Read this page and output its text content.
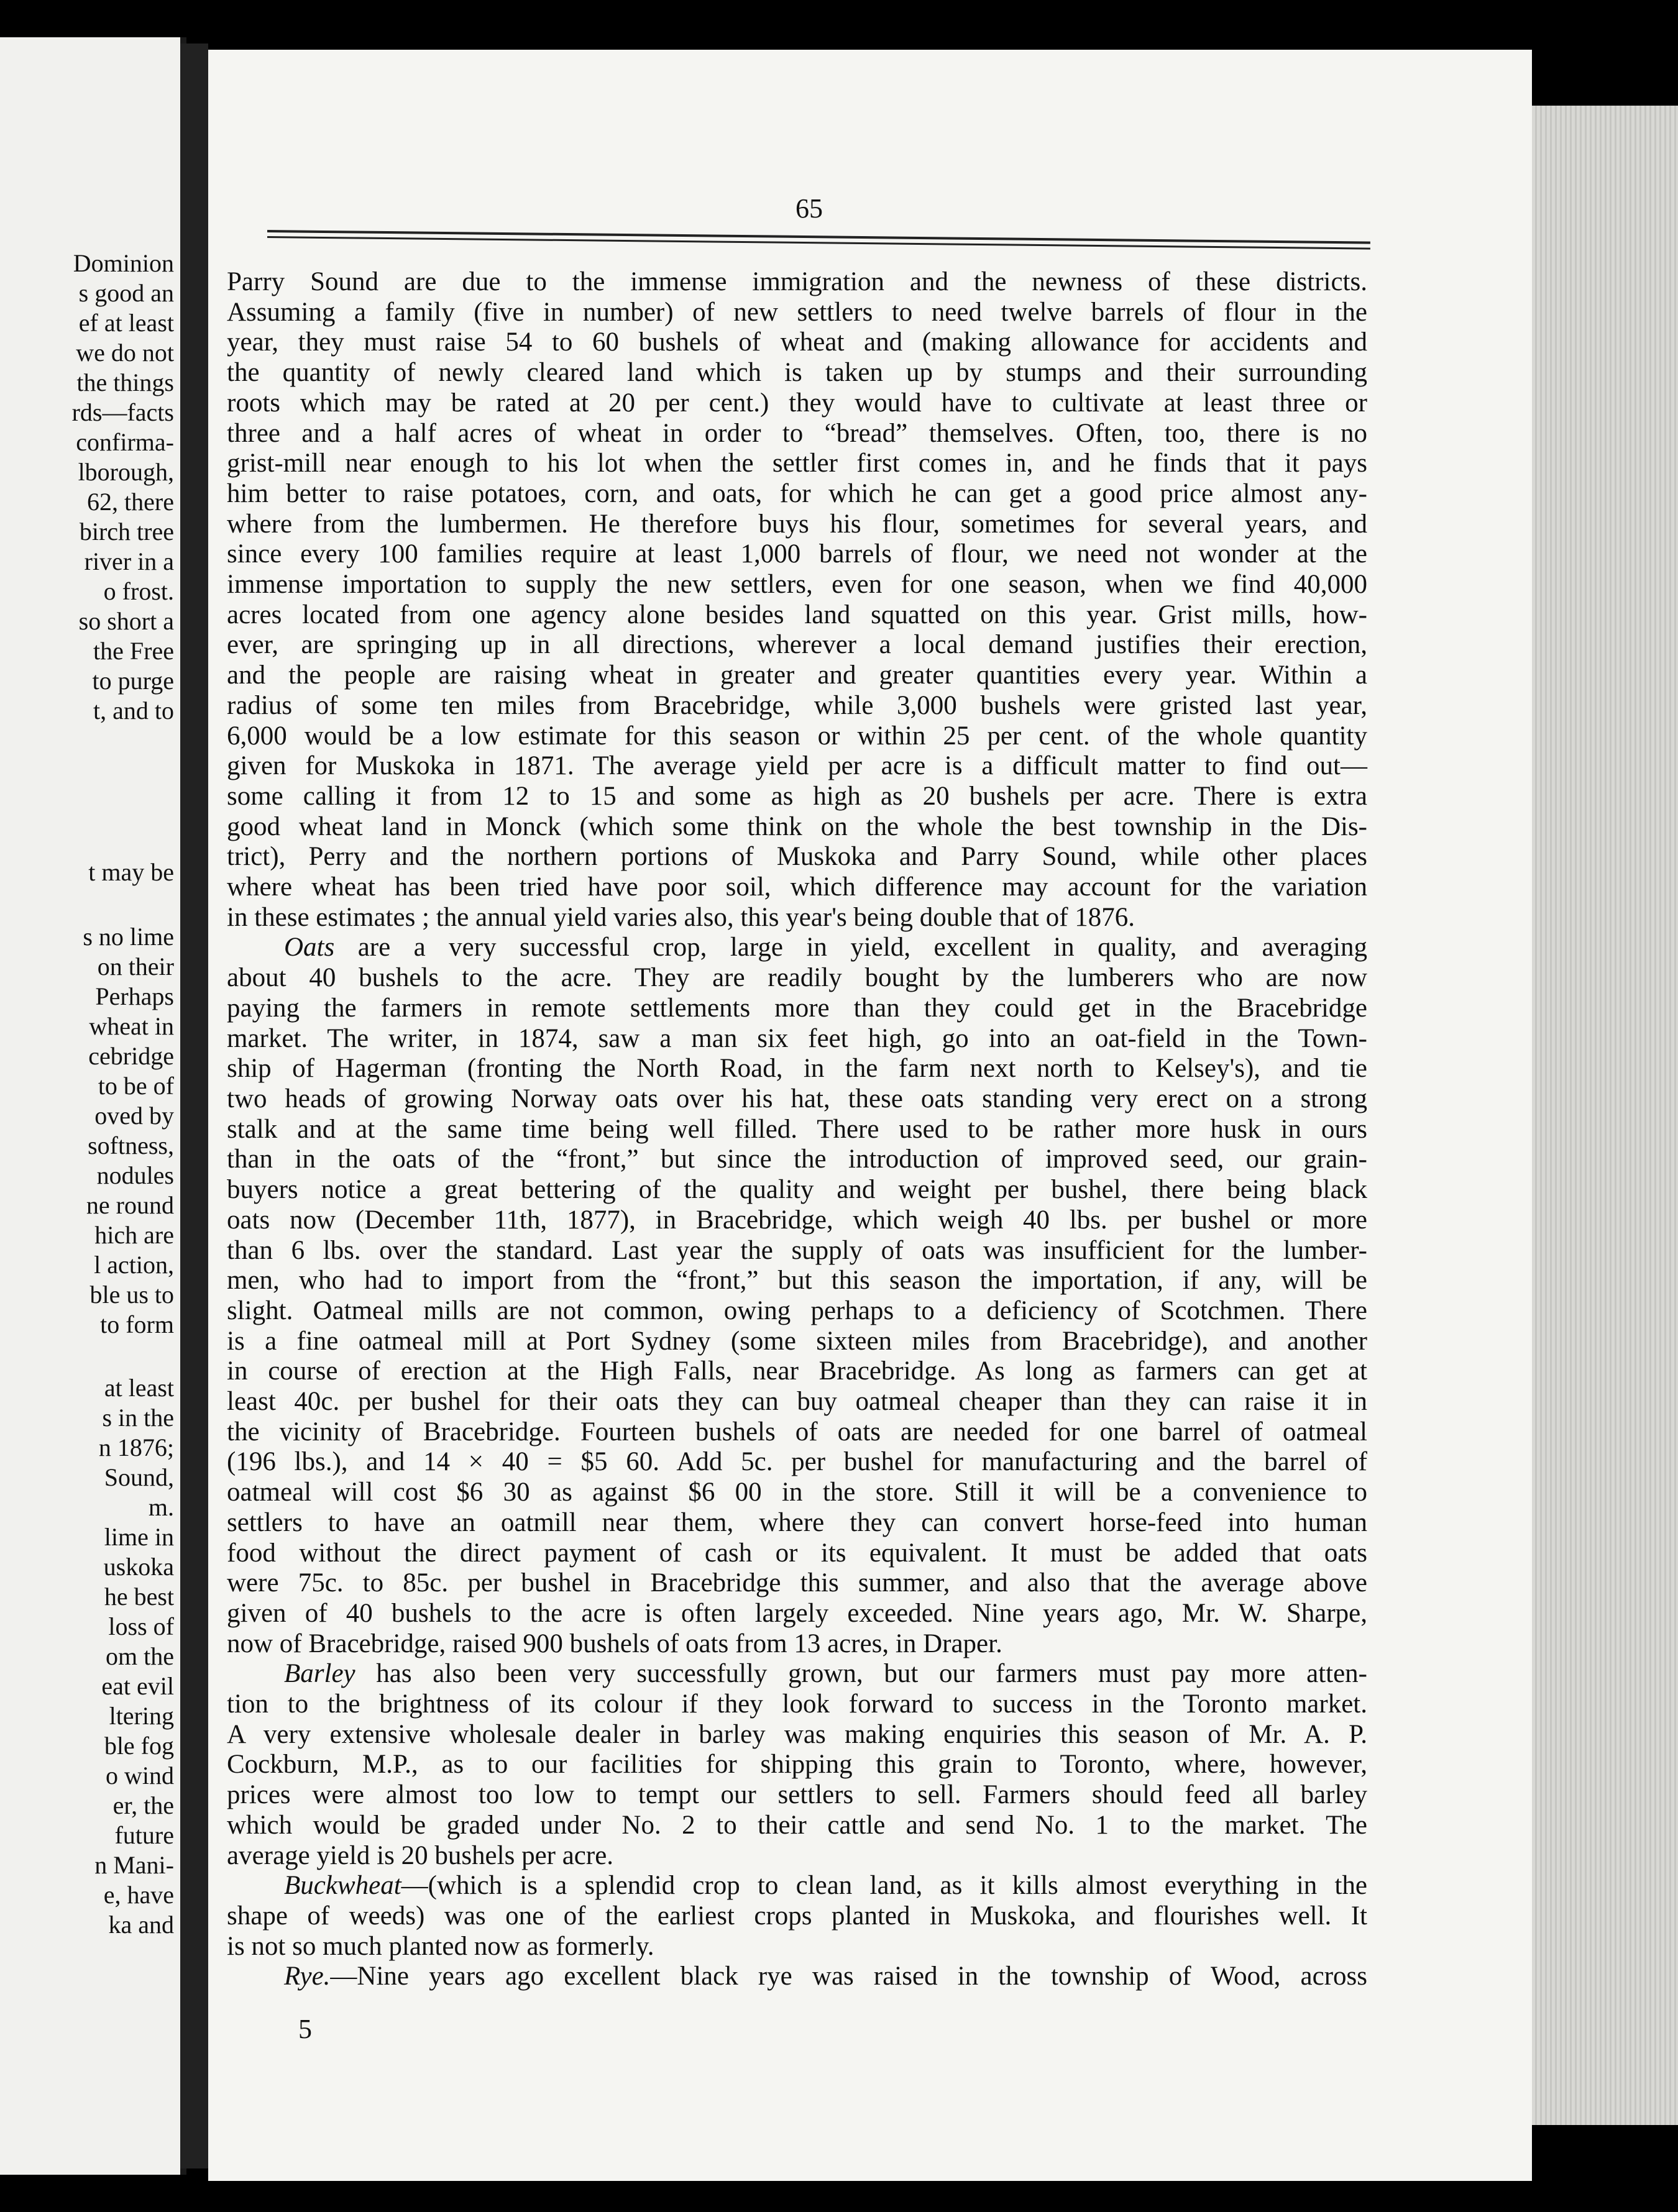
Dominion
s good an
ef at least
we do not
the things
rds—facts
confirma-
lborough,
62, there
birch tree
river in a
o frost.
so short a
the Free
to purge
t, and to
t may be
s no lime
on their
Perhaps
wheat in
cebridge
to be of
oved by
softness,
nodules
ne round
hich are
l action,
ble us to
to form
at least
s in the
n 1876;
Sound,
m.
lime in
uskoka
he best
loss of
om the
eat evil
ltering
ble fog
o wind
er, the
future
n Mani-
e, have
ka and
65
Parry Sound are due to the immense immigration and the newness of these districts.
Assuming a family (five in number) of new settlers to need twelve barrels of flour in the
year, they must raise 54 to 60 bushels of wheat and (making allowance for accidents and
the quantity of newly cleared land which is taken up by stumps and their surrounding
roots which may be rated at 20 per cent.) they would have to cultivate at least three or
three and a half acres of wheat in order to “bread” themselves. Often, too, there is no
grist-mill near enough to his lot when the settler first comes in, and he finds that it pays
him better to raise potatoes, corn, and oats, for which he can get a good price almost any-
where from the lumbermen. He therefore buys his flour, sometimes for several years, and
since every 100 families require at least 1,000 barrels of flour, we need not wonder at the
immense importation to supply the new settlers, even for one season, when we find 40,000
acres located from one agency alone besides land squatted on this year. Grist mills, how-
ever, are springing up in all directions, wherever a local demand justifies their erection,
and the people are raising wheat in greater and greater quantities every year. Within a
radius of some ten miles from Bracebridge, while 3,000 bushels were gristed last year,
6,000 would be a low estimate for this season or within 25 per cent. of the whole quantity
given for Muskoka in 1871. The average yield per acre is a difficult matter to find out—
some calling it from 12 to 15 and some as high as 20 bushels per acre. There is extra
good wheat land in Monck (which some think on the whole the best township in the Dis-
trict), Perry and the northern portions of Muskoka and Parry Sound, while other places
where wheat has been tried have poor soil, which difference may account for the variation
in these estimates ; the annual yield varies also, this year's being double that of 1876.
Oats are a very successful crop, large in yield, excellent in quality, and averaging
about 40 bushels to the acre. They are readily bought by the lumberers who are now
paying the farmers in remote settlements more than they could get in the Bracebridge
market. The writer, in 1874, saw a man six feet high, go into an oat-field in the Town-
ship of Hagerman (fronting the North Road, in the farm next north to Kelsey's), and tie
two heads of growing Norway oats over his hat, these oats standing very erect on a strong
stalk and at the same time being well filled. There used to be rather more husk in ours
than in the oats of the “front,” but since the introduction of improved seed, our grain-
buyers notice a great bettering of the quality and weight per bushel, there being black
oats now (December 11th, 1877), in Bracebridge, which weigh 40 lbs. per bushel or more
than 6 lbs. over the standard. Last year the supply of oats was insufficient for the lumber-
men, who had to import from the “front,” but this season the importation, if any, will be
slight. Oatmeal mills are not common, owing perhaps to a deficiency of Scotchmen. There
is a fine oatmeal mill at Port Sydney (some sixteen miles from Bracebridge), and another
in course of erection at the High Falls, near Bracebridge. As long as farmers can get at
least 40c. per bushel for their oats they can buy oatmeal cheaper than they can raise it in
the vicinity of Bracebridge. Fourteen bushels of oats are needed for one barrel of oatmeal
(196 lbs.), and 14 × 40 = $5 60. Add 5c. per bushel for manufacturing and the barrel of
oatmeal will cost $6 30 as against $6 00 in the store. Still it will be a convenience to
settlers to have an oatmill near them, where they can convert horse-feed into human
food without the direct payment of cash or its equivalent. It must be added that oats
were 75c. to 85c. per bushel in Bracebridge this summer, and also that the average above
given of 40 bushels to the acre is often largely exceeded. Nine years ago, Mr. W. Sharpe,
now of Bracebridge, raised 900 bushels of oats from 13 acres, in Draper.
Barley has also been very successfully grown, but our farmers must pay more atten-
tion to the brightness of its colour if they look forward to success in the Toronto market.
A very extensive wholesale dealer in barley was making enquiries this season of Mr. A. P.
Cockburn, M.P., as to our facilities for shipping this grain to Toronto, where, however,
prices were almost too low to tempt our settlers to sell. Farmers should feed all barley
which would be graded under No. 2 to their cattle and send No. 1 to the market. The
average yield is 20 bushels per acre.
Buckwheat—(which is a splendid crop to clean land, as it kills almost everything in the
shape of weeds) was one of the earliest crops planted in Muskoka, and flourishes well. It
is not so much planted now as formerly.
Rye.—Nine years ago excellent black rye was raised in the township of Wood, across
5
